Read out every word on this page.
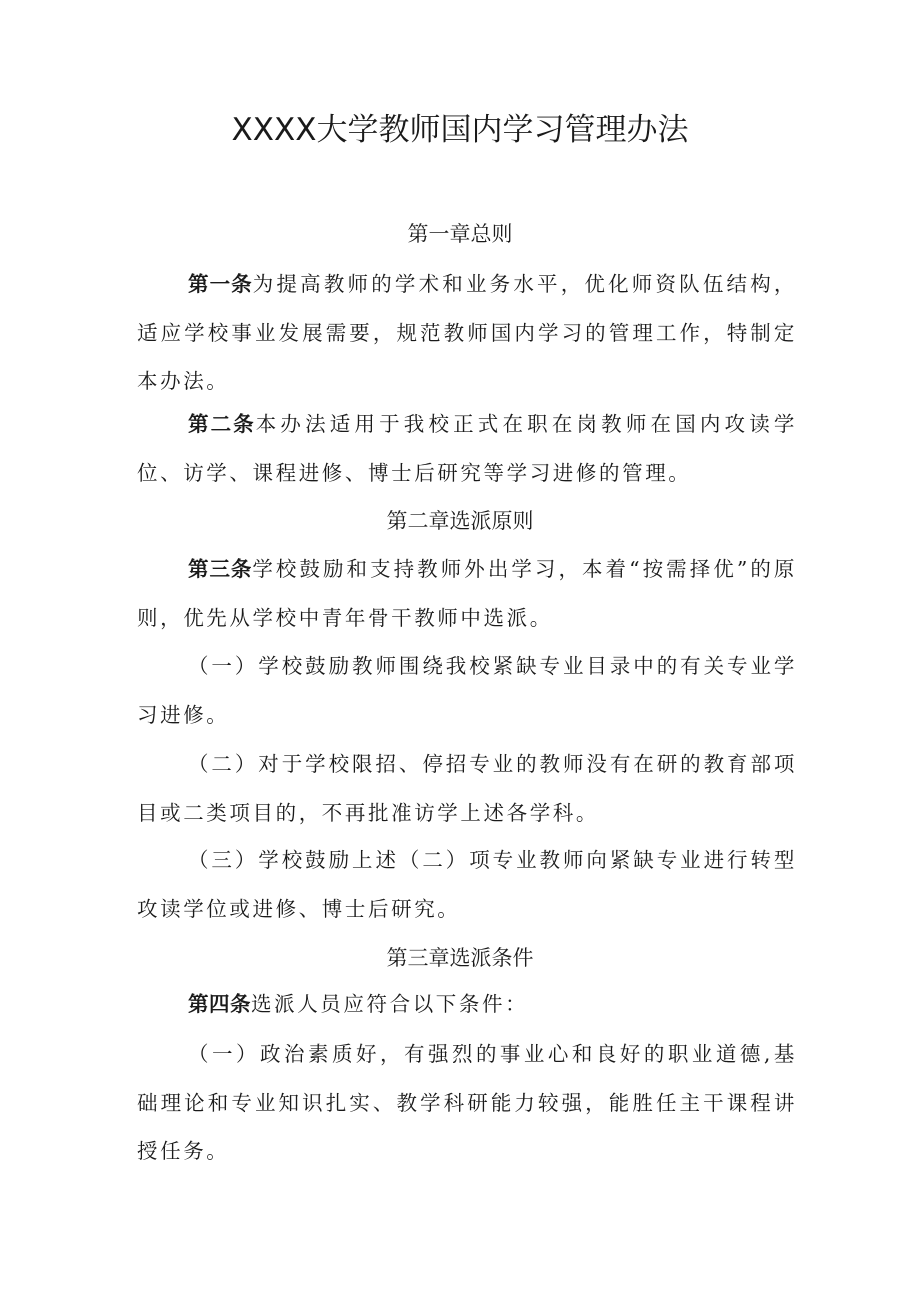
XXXX大学教师国内学习管理办法
第一章总则

第一条为提高教师的学术和业务水平，优化师资队伍结构，适应学校事业发展需要，规范教师国内学习的管理工作，特制定本办法。

第二条本办法适用于我校正式在职在岗教师在国内攻读学位、访学、课程进修、博士后研究等学习进修的管理。

第二章选派原则

第三条学校鼓励和支持教师外出学习，本着“按需择优”的原则，优先从学校中青年骨干教师中选派。

（一）学校鼓励教师围绕我校紧缺专业目录中的有关专业学习进修。

（二）对于学校限招、停招专业的教师没有在研的教育部项目或二类项目的，不再批准访学上述各学科。

（三）学校鼓励上述（二）项专业教师向紧缺专业进行转型攻读学位或进修、博士后研究。

第三章选派条件

第四条选派人员应符合以下条件：

（一）政治素质好，有强烈的事业心和良好的职业道德,基础理论和专业知识扎实、教学科研能力较强，能胜任主干课程讲授任务。
